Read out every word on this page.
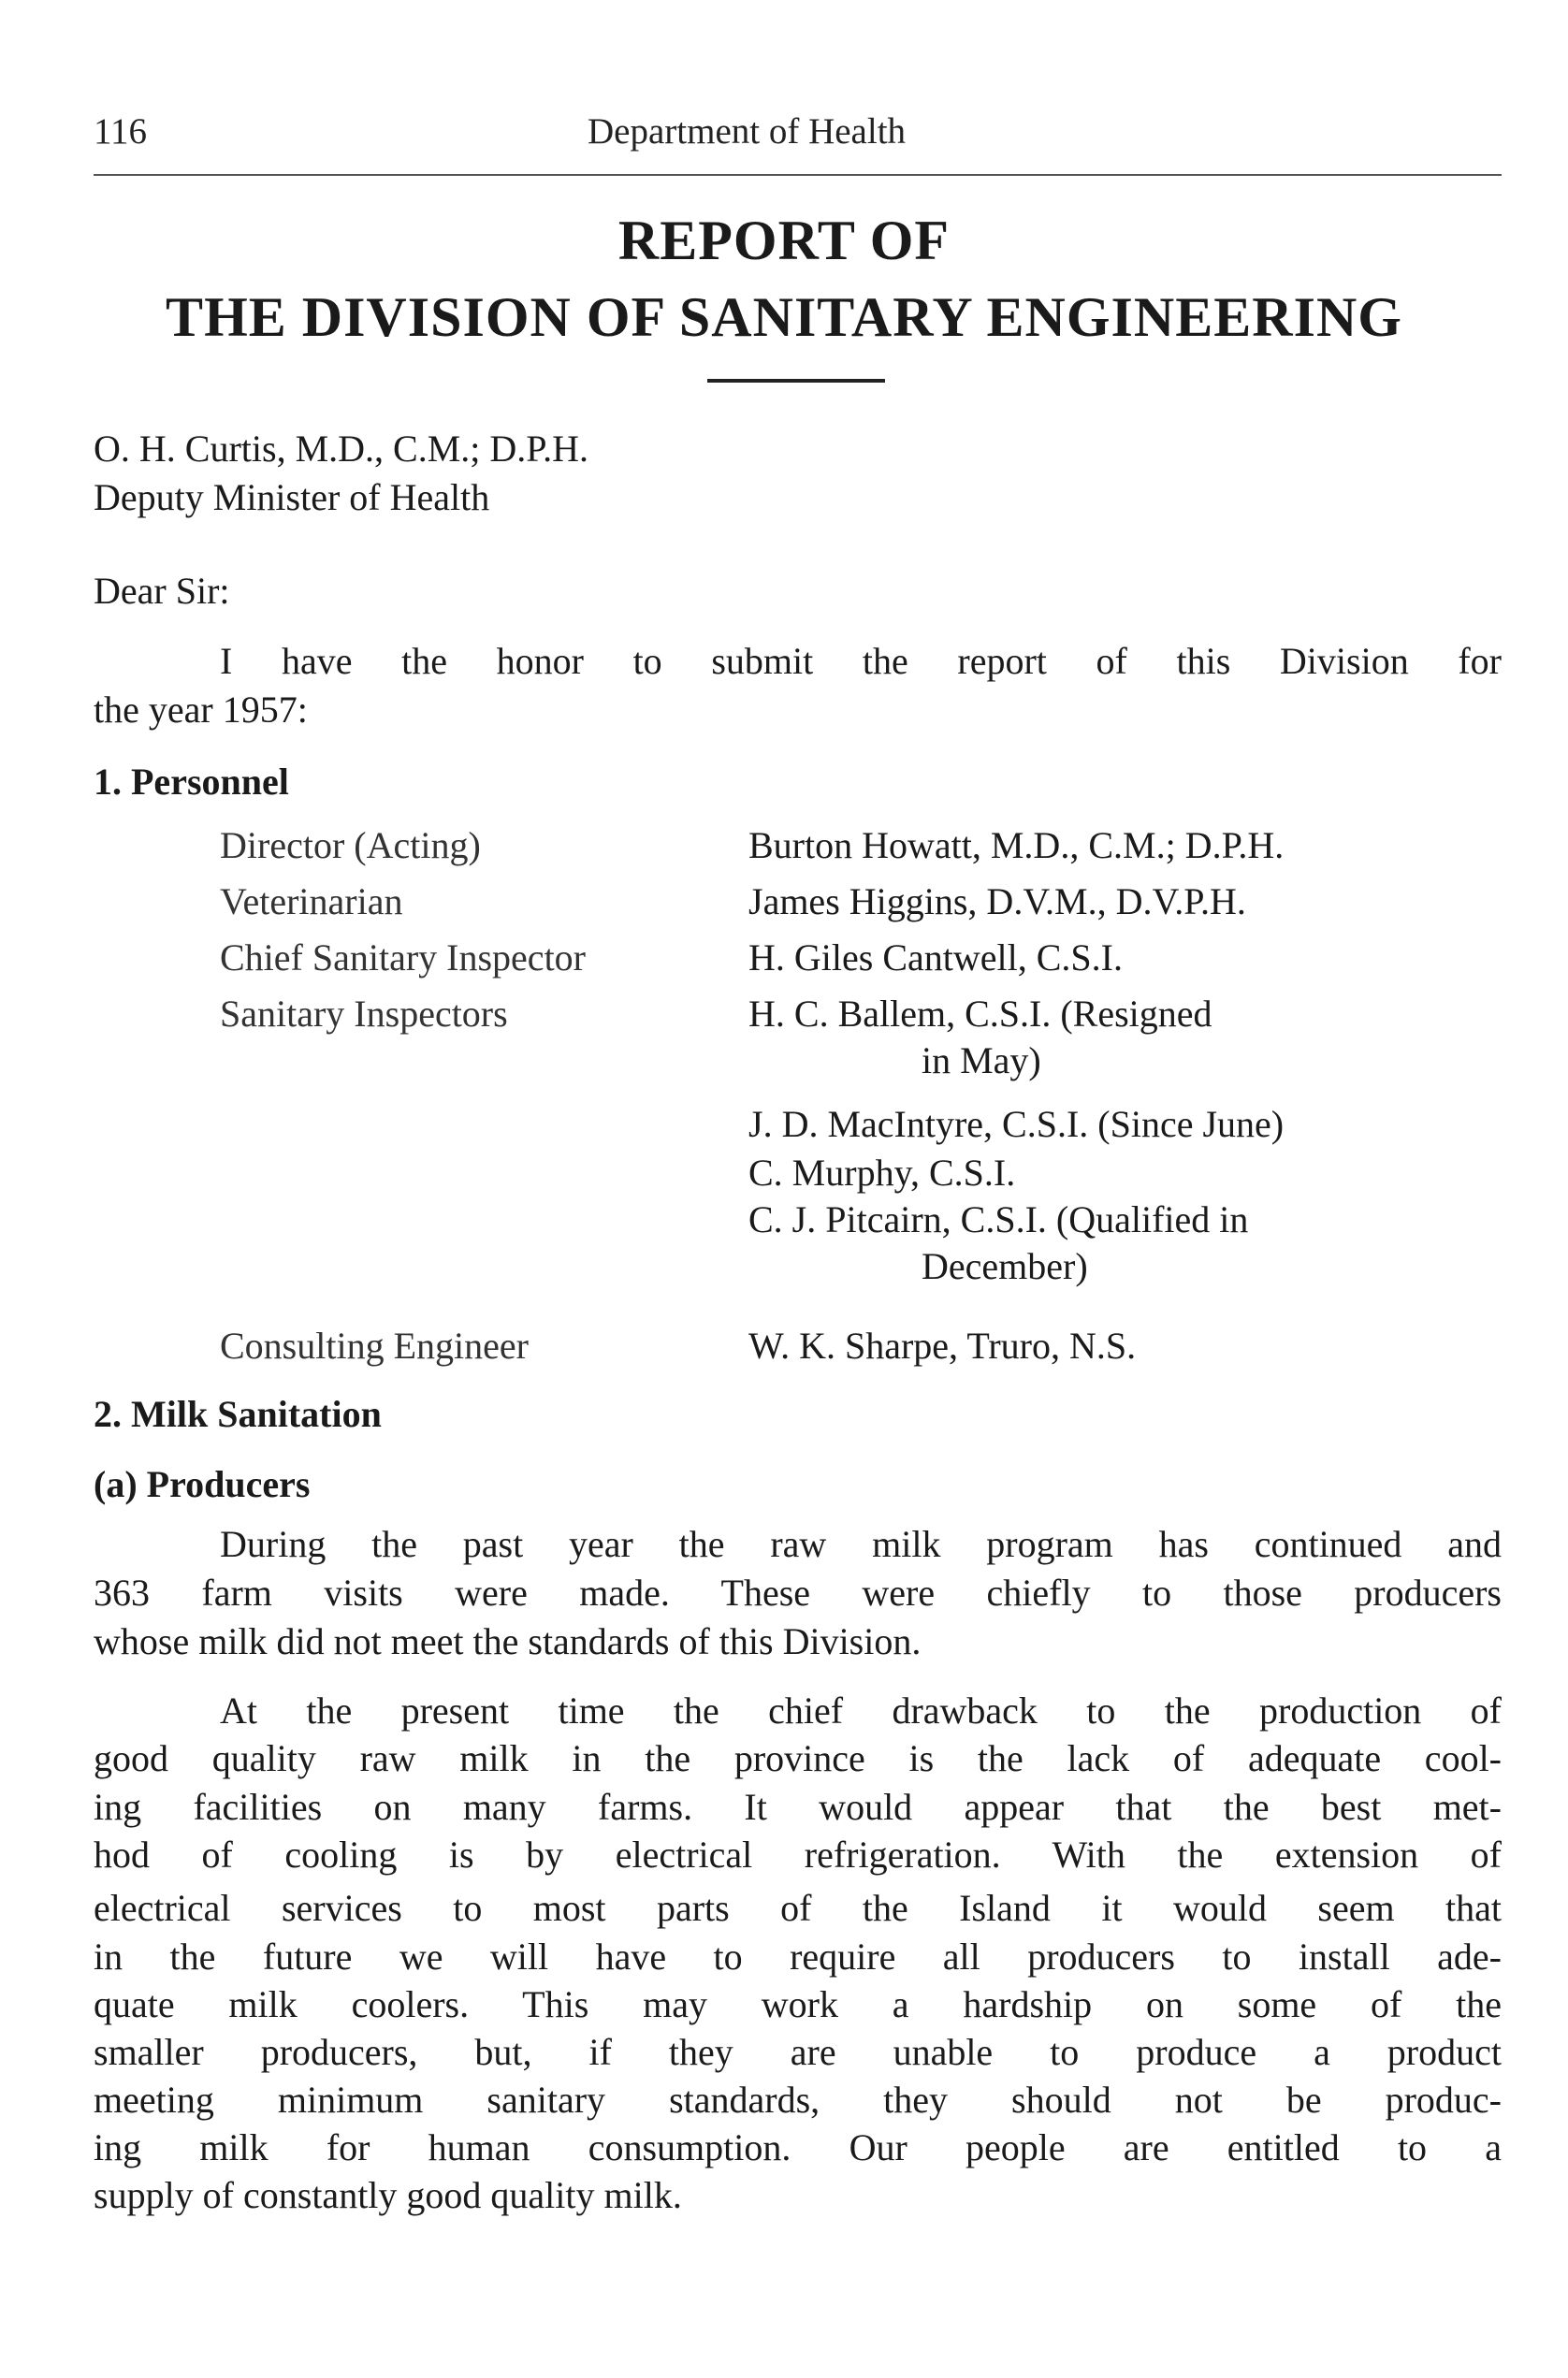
116	Department of Health
REPORT OF
THE DIVISION OF SANITARY ENGINEERING
O. H. Curtis, M.D., C.M.; D.P.H.
Deputy Minister of Health
Dear Sir:
I have the honor to submit the report of this Division for
the year 1957:
1. Personnel
Director (Acting)	Burton Howatt, M.D., C.M.; D.P.H.
Veterinarian	James Higgins, D.V.M., D.V.P.H.
Chief Sanitary Inspector	H. Giles Cantwell, C.S.I.
Sanitary Inspectors	H. C. Ballem, C.S.I. (Resigned
in May)
J. D. MacIntyre, C.S.I. (Since June)
C. Murphy, C.S.I.
C. J. Pitcairn, C.S.I. (Qualified in
December)
Consulting Engineer	W. K. Sharpe, Truro, N.S.
2. Milk Sanitation
(a) Producers
During the past year the raw milk program has continued and
363 farm visits were made. These were chiefly to those producers
whose milk did not meet the standards of this Division.
At the present time the chief drawback to the production of
good quality raw milk in the province is the lack of adequate cool-
ing facilities on many farms. It would appear that the best met-
hod of cooling is by electrical refrigeration. With the extension of
electrical services to most parts of the Island it would seem that
in the future we will have to require all producers to install ade-
quate milk coolers. This may work a hardship on some of the
smaller producers, but, if they are unable to produce a product
meeting minimum sanitary standards, they should not be produc-
ing milk for human consumption. Our people are entitled to a
supply of constantly good quality milk.
